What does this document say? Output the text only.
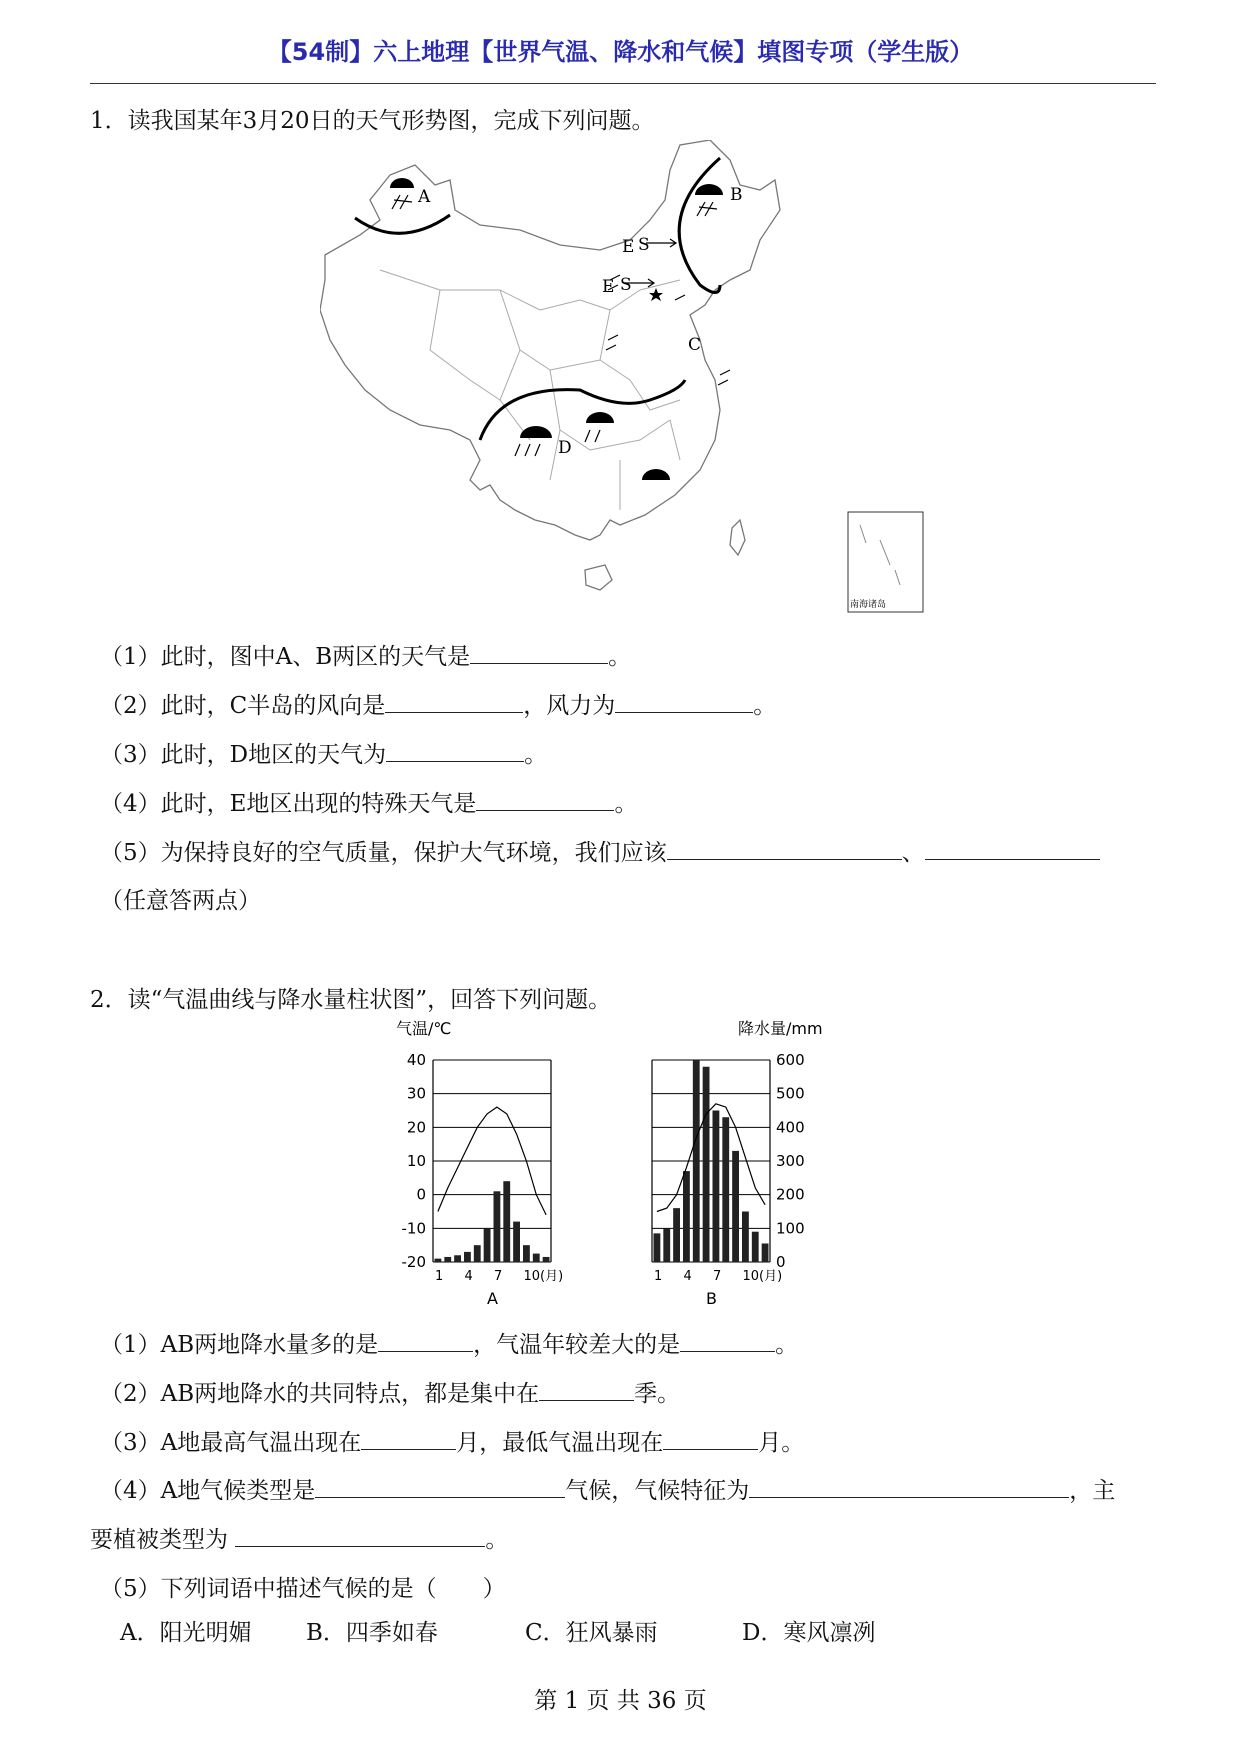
【54制】六上地理【世界气温、降水和气候】填图专项（学生版）
1．读我国某年3月20日的天气形势图，完成下列问题。
A	B
C
D
E S
E S
南海诸岛
（1）此时，图中A、B两区的天气是	。
（2）此时，C半岛的风向是	，风力为	。
（3）此时，D地区的天气为	。
（4）此时，E地区出现的特殊天气是	。
（5）为保持良好的空气质量，保护大气环境，我们应该	、
（任意答两点）
2．读“气温曲线与降水量柱状图”，回答下列问题。
气温/℃	降水量/mm
1 4 7 10(月)
A
1 4 7 10(月)
B
40
30
20
10
0
-10
-20
600
500
400
300
200
100
0
（1）AB两地降水量多的是	，气温年较差大的是	。
（2）AB两地降水的共同特点，都是集中在	季。
（3）A地最高气温出现在	月，最低气温出现在	月。
（4）A地气候类型是	气候，气候特征为	，主
要植被类型为	。
（5）下列词语中描述气候的是（ ）
A．阳光明媚 B．四季如春	C．狂风暴雨	D．寒风凛冽
第 1 页 共 36 页
